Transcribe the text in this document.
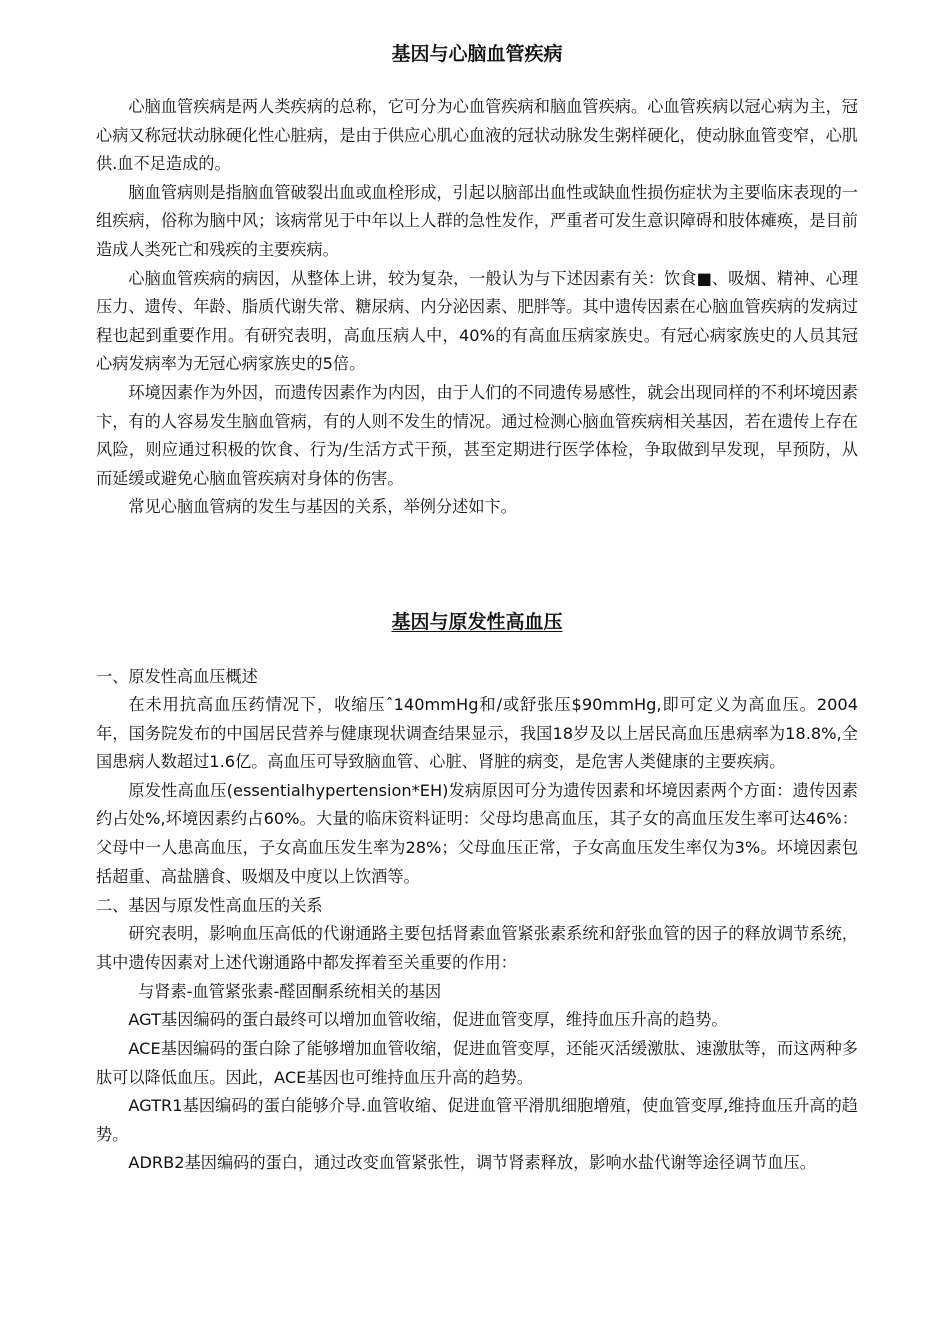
基因与心脑血管疾病

心脑血管疾病是两人类疾病的总称，它可分为心血管疾病和脑血管疾病。心血管疾病以冠心病为主，冠心病又称冠状动脉硬化性心脏病，是由于供应心肌心血液的冠状动脉发生粥样硬化，使动脉血管变窄，心肌供.血不足造成的。

脑血管病则是指脑血管破裂出血或血栓形成，引起以脑部出血性或缺血性损伤症状为主要临床表现的一组疾病，俗称为脑中风；该病常见于中年以上人群的急性发作，严重者可发生意识障碍和肢体瘫痪，是目前造成人类死亡和残疾的主要疾病。

心脑血管疾病的病因，从整体上讲，较为复杂，一般认为与下述因素有关：饮食■、吸烟、精神、心理压力、遗传、年龄、脂质代谢失常、糖尿病、内分泌因素、肥胖等。其中遗传因素在心脑血管疾病的发病过程也起到重要作用。有研究表明，高血压病人中，40%的有高血压病家族史。有冠心病家族史的人员其冠心病发病率为无冠心病家族史的5倍。

环境因素作为外因，而遗传因素作为内因，由于人们的不同遗传易感性，就会出现同样的不利坏境因素卞，有的人容易发生脑血管病，有的人则不发生的情况。通过检测心脑血管疾病相关基因，若在遗传上存在风险，则应通过积极的饮食、行为/生活方式干预，甚至定期进行医学体检，争取做到早发现，早预防，从而延缓或避免心脑血管疾病对身体的伤害。

常见心脑血管病的发生与基因的关系，举例分述如卞。

基因与原发性高血压

一、原发性高血压概述

在未用抗高血压药情况下，收缩压ˆ140mmHg和/或舒张压$90mmHg,即可定义为高血压。2004年，国务院发布的中国居民营养与健康现状调查结果显示，我国18岁及以上居民高血压患病率为18.8%,全国患病人数超过1.6亿。高血压可导致脑血管、心脏、肾脏的病变，是危害人类健康的主要疾病。

原发性高血压(essentialhypertension*EH)发病原因可分为遗传因素和坏境因素两个方面：遗传因素约占处%,坏境因素约占60%。大量的临床资料证明：父母均患高血压，其子女的高血压发生率可达46%：父母中一人患高血压，子女高血压发生率为28%；父母血压正常，子女高血压发生率仅为3%。坏境因素包括超重、高盐膳食、吸烟及中度以上饮酒等。

二、基因与原发性高血压的关系

研究表明，影响血压高低的代谢通路主要包括肾素血管紧张素系统和舒张血管的因子的释放调节系统，其中遗传因素对上述代谢通路中都发挥着至关重要的作用：

与肾素-血管紧张素-醛固酮系统相关的基因

AGT基因编码的蛋白最终可以增加血管收缩，促进血管变厚，维持血压升高的趋势。

ACE基因编码的蛋白除了能够增加血管收缩，促进血管变厚，还能灭活缓激肽、速激肽等，而这两种多肽可以降低血压。因此，ACE基因也可维持血压升高的趋势。

AGTR1基因编码的蛋白能够介导.血管收缩、促进血管平滑肌细胞增殖，使血管变厚,维持血压升高的趋势。

ADRB2基因编码的蛋白，通过改变血管紧张性，调节肾素释放，影响水盐代谢等途径调节血压。
